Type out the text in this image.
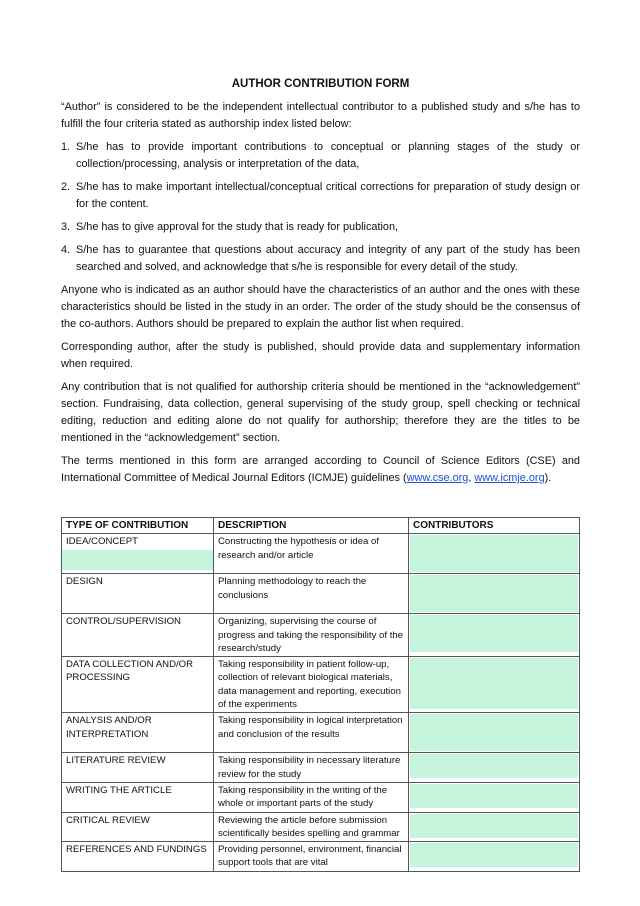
AUTHOR CONTRIBUTION FORM

“Author” is considered to be the independent intellectual contributor to a published study and s/he has to fulfill the four criteria stated as authorship index listed below:

1. S/he has to provide important contributions to conceptual or planning stages of the study or collection/processing, analysis or interpretation of the data,
2. S/he has to make important intellectual/conceptual critical corrections for preparation of study design or for the content.
3. S/he has to give approval for the study that is ready for publication,
4. S/he has to guarantee that questions about accuracy and integrity of any part of the study has been searched and solved, and acknowledge that s/he is responsible for every detail of the study.

Anyone who is indicated as an author should have the characteristics of an author and the ones with these characteristics should be listed in the study in an order. The order of the study should be the consensus of the co-authors. Authors should be prepared to explain the author list when required.

Corresponding author, after the study is published, should provide data and supplementary information when required.

Any contribution that is not qualified for authorship criteria should be mentioned in the “acknowledgement” section. Fundraising, data collection, general supervising of the study group, spell checking or technical editing, reduction and editing alone do not qualify for authorship; therefore they are the titles to be mentioned in the “acknowledgement” section.

The terms mentioned in this form are arranged according to Council of Science Editors (CSE) and International Committee of Medical Journal Editors (ICMJE) guidelines (www.cse.org, www.icmje.org).

TYPE OF CONTRIBUTION	DESCRIPTION	CONTRIBUTORS

IDEA/CONCEPT	Constructing the hypothesis or idea of research and/or article	

DESIGN	Planning methodology to reach the conclusions	

CONTROL/SUPERVISION	Organizing, supervising the course of progress and taking the responsibility of the research/study	

DATA COLLECTION AND/OR PROCESSING	Taking responsibility in patient follow-up, collection of relevant biological materials, data management and reporting, execution of the experiments	

ANALYSIS AND/OR INTERPRETATION	Taking responsibility in logical interpretation and conclusion of the results	

LITERATURE REVIEW	Taking responsibility in necessary literature review for the study	

WRITING THE ARTICLE	Taking responsibility in the writing of the whole or important parts of the study	

CRITICAL REVIEW	Reviewing the article before submission scientifically besides spelling and grammar	

REFERENCES AND FUNDINGS	Providing personnel, environment, financial support tools that are vital	
